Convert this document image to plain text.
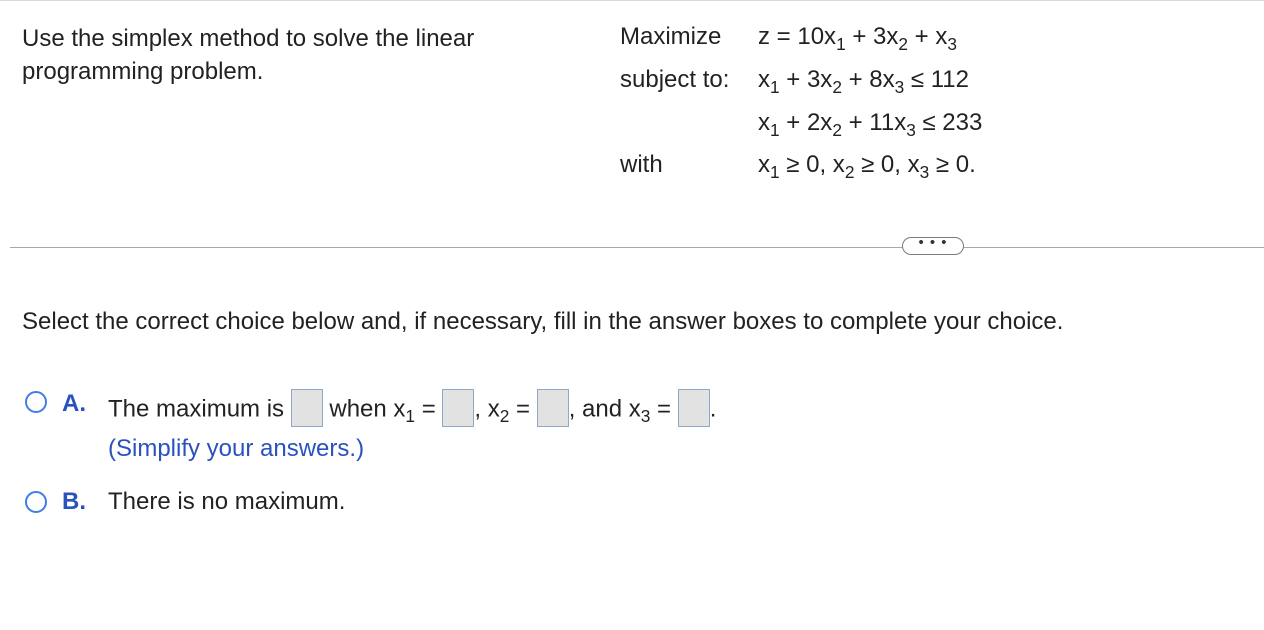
Use the simplex method to solve the linear programming problem.
Maximize $z = 10x_1 + 3x_2 + x_3$
subject to: $x_1 + 3x_2 + 8x_3 \le 112$
$x_1 + 2x_2 + 11x_3 \le 233$
with	$x_1 \ge 0$, $x_2 \ge 0$, $x_3 \ge 0$.
• • •
Select the correct choice below and, if necessary, fill in the answer boxes to complete your choice.
A. The maximum is when $x_1$ = , $x_2$ = , and $x_3$ = .
(Simplify your answers.)
B. There is no maximum.
